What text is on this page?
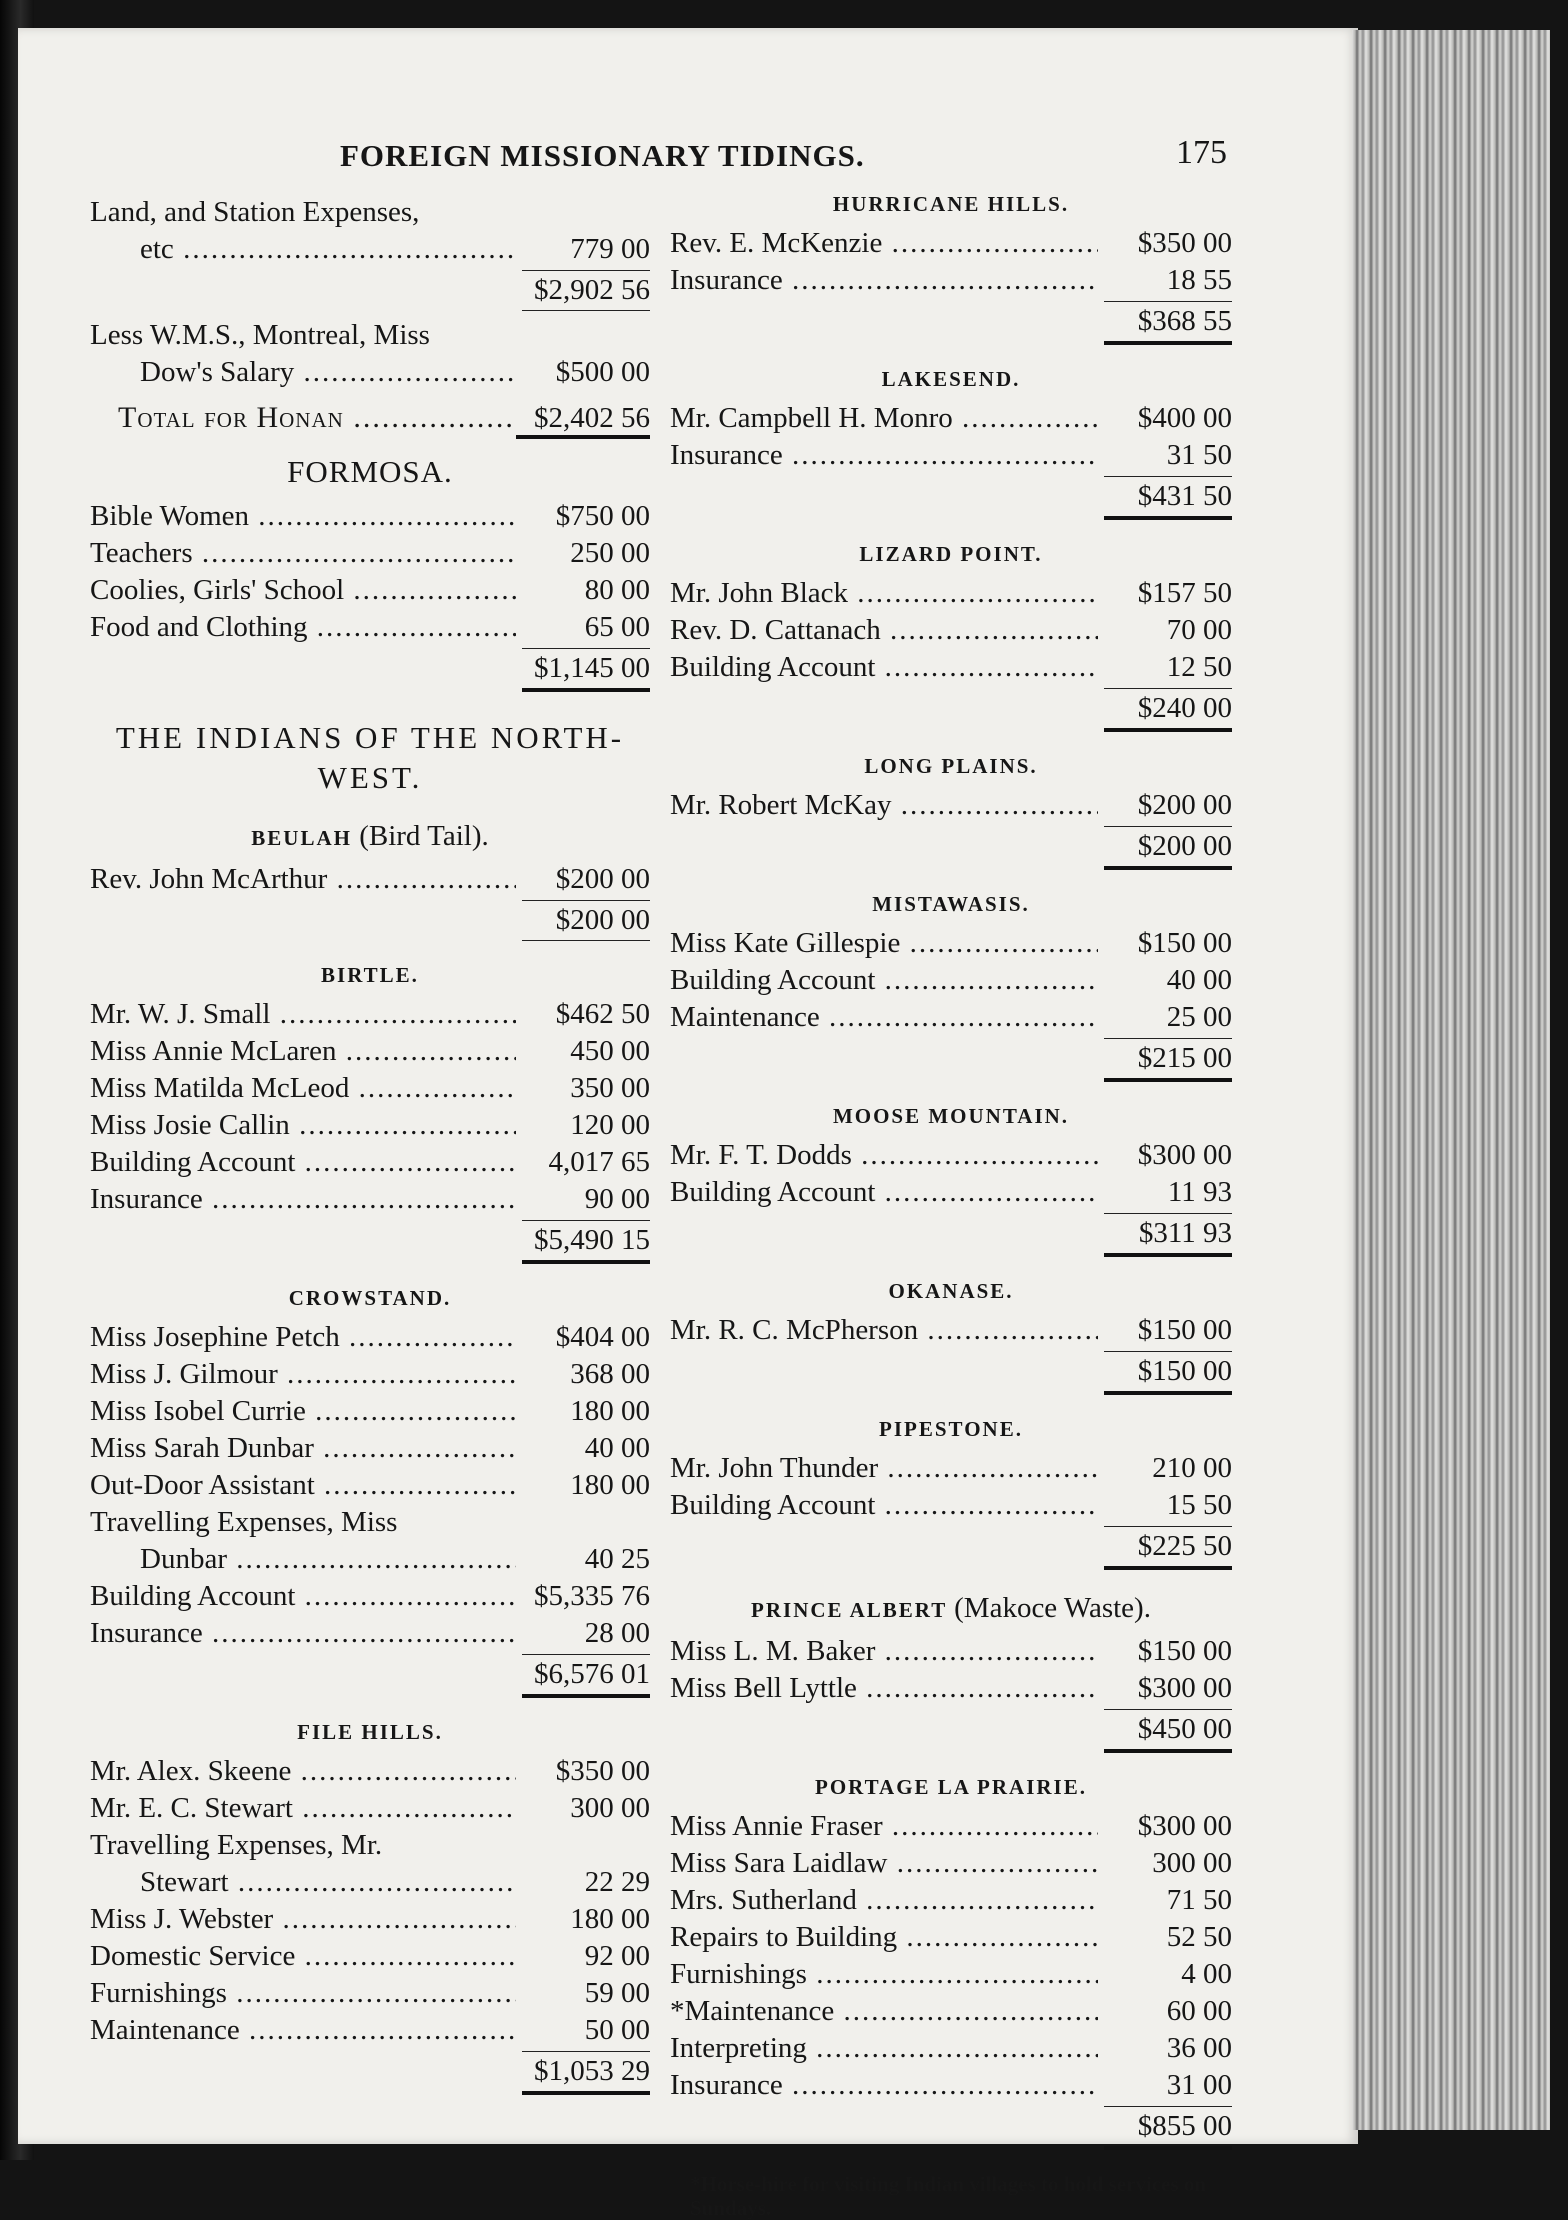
FOREIGN MISSIONARY TIDINGS.	175
Land, and Station Expenses,
etc .....	779 00
$2,902 56
Less W.M.S., Montreal, Miss
Dow's Salary .....	$500 00
Total for Honan .....	$2,402 56
FORMOSA.
Bible Women .....	$750 00
Teachers .....	250 00
Coolies, Girls' School .....	80 00
Food and Clothing .....	65 00
$1,145 00
THE INDIANS OF THE NORTH-
WEST.
BEULAH (Bird Tail).
Rev. John McArthur .....	$200 00
$200 00
BIRTLE.
Mr. W. J. Small .....	$462 50
Miss Annie McLaren .....	450 00
Miss Matilda McLeod .....	350 00
Miss Josie Callin .....	120 00
Building Account .....	4,017 65
Insurance .....	90 00
$5,490 15
CROWSTAND.
Miss Josephine Petch .....	$404 00
Miss J. Gilmour .....	368 00
Miss Isobel Currie .....	180 00
Miss Sarah Dunbar .....	40 00
Out-Door Assistant .....	180 00
Travelling Expenses, Miss
Dunbar .....	40 25
Building Account .....	$5,335 76
Insurance .....	28 00
$6,576 01
FILE HILLS.
Mr. Alex. Skeene .....	$350 00
Mr. E. C. Stewart .....	300 00
Travelling Expenses, Mr.
Stewart .....	22 29
Miss J. Webster .....	180 00
Domestic Service .....	92 00
Furnishings .....	59 00
Maintenance .....	50 00
$1,053 29
HURRICANE HILLS.
Rev. E. McKenzie .....	$350 00
Insurance .....	18 55
$368 55
LAKESEND.
Mr. Campbell H. Monro .....	$400 00
Insurance .....	31 50
$431 50
LIZARD POINT.
Mr. John Black .....	$157 50
Rev. D. Cattanach .....	70 00
Building Account .....	12 50
$240 00
LONG PLAINS.
Mr. Robert McKay .....	$200 00
$200 00
MISTAWASIS.
Miss Kate Gillespie .....	$150 00
Building Account .....	40 00
Maintenance .....	25 00
$215 00
MOOSE MOUNTAIN.
Mr. F. T. Dodds .....	$300 00
Building Account .....	11 93
$311 93
OKANASE.
Mr. R. C. McPherson .....	$150 00
$150 00
PIPESTONE.
Mr. John Thunder .....	210 00
Building Account .....	15 50
$225 50
PRINCE ALBERT (Makoce Waste).
Miss L. M. Baker .....	$150 00
Miss Bell Lyttle .....	$300 00
$450 00
PORTAGE LA PRAIRIE.
Miss Annie Fraser .....	$300 00
Miss Sara Laidlaw .....	300 00
Mrs. Sutherland .....	71 50
Repairs to Building .....	52 50
Furnishings .....	4 00
*Maintenance .....	60 00
Interpreting .....	36 00
Insurance .....	31 00
$855 00
*Horse-hire for visiting Indian villages to hold services on Sundays.
